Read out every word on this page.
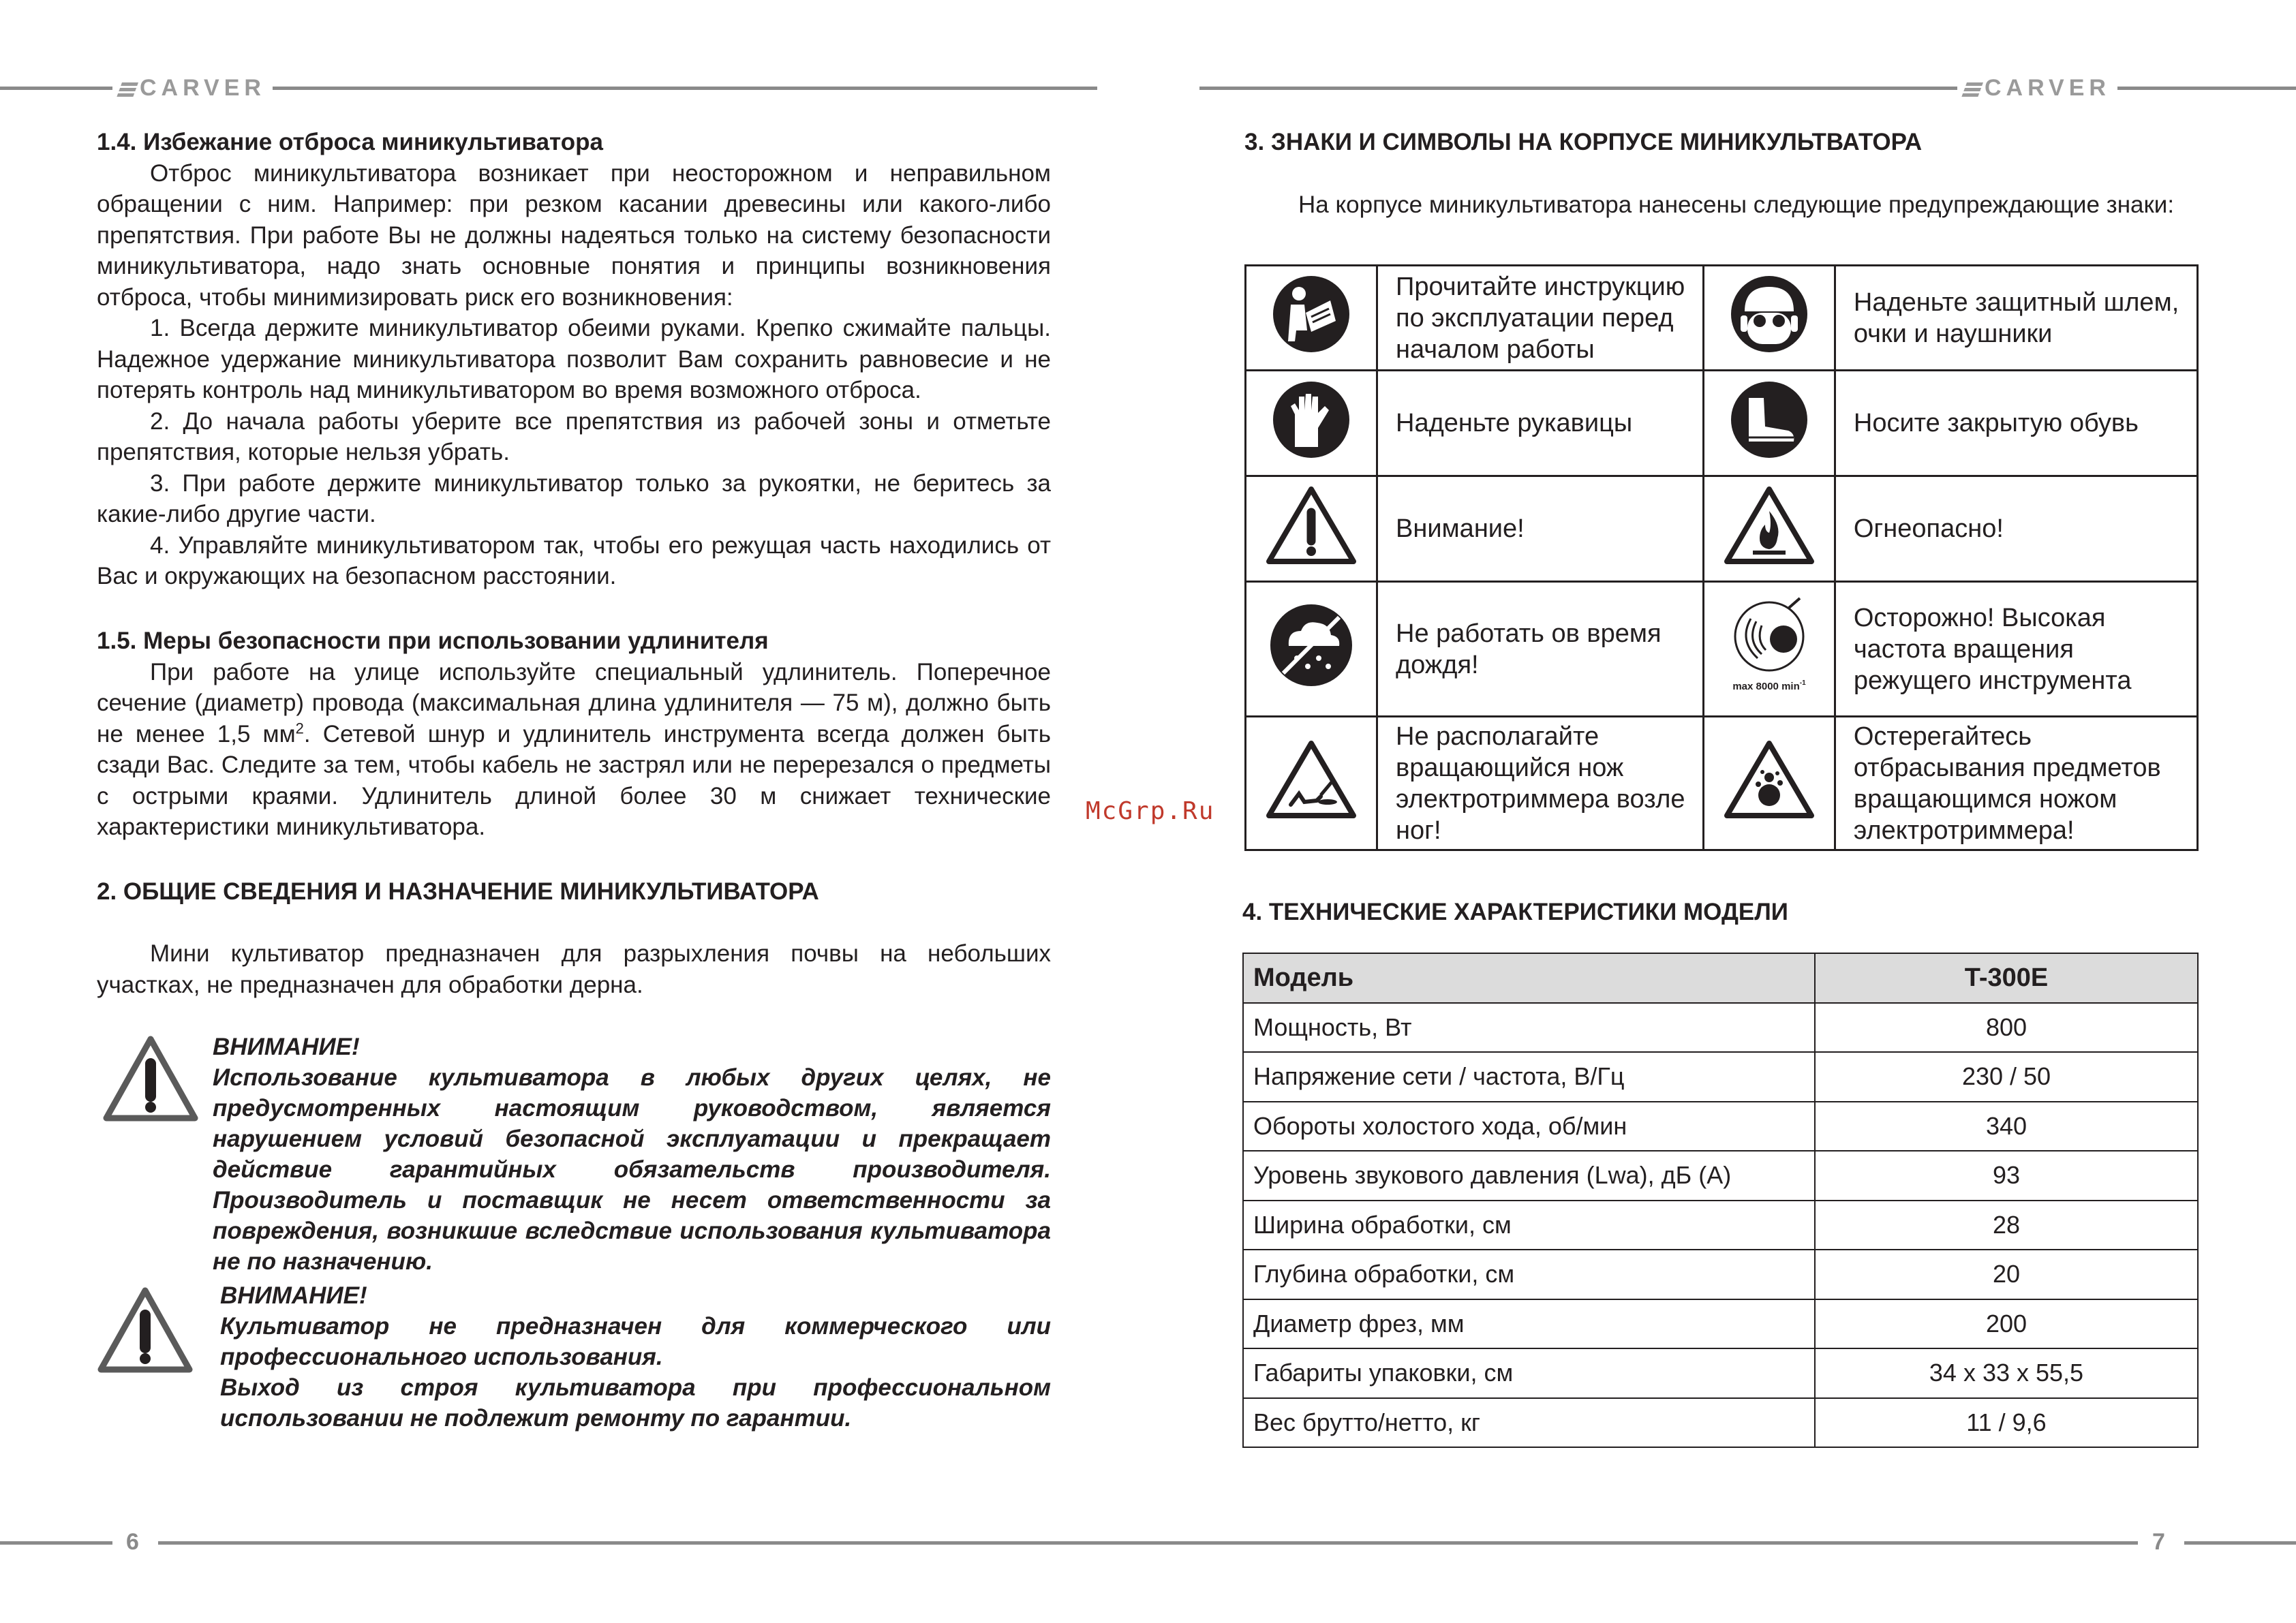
CARVER	CARVER
6	7
McGrp.Ru

1.4. Избежание отброса миникультиватора

Отброс миникультиватора возникает при неосторожном и неправильном обращении с ним. Например: при резком касании древесины или какого-либо препятствия. При работе Вы не должны надеяться только на систему безопасности миникультиватора, надо знать основные понятия и принципы возникновения отброса, чтобы минимизировать риск его возникновения:

1. Всегда держите миникультиватор обеими руками. Крепко сжимайте пальцы. Надежное удержание миникультиватора позволит Вам сохранить равновесие и не потерять контроль над миникультиватором во время возможного отброса.

2. До начала работы уберите все препятствия из рабочей зоны и отметьте препятствия, которые нельзя убрать.

3. При работе держите миникультиватор только за рукоятки, не беритесь за какие-либо другие части.

4. Управляйте миникультиватором так, чтобы его режущая часть находились от Вас и окружающих на безопасном расстоянии.

1.5. Меры безопасности при использовании удлинителя

При работе на улице используйте специальный удлинитель. Поперечное сечение (диаметр) провода (максимальная длина удлинителя — 75 м), должно быть не менее 1,5 $мм^2$. Сетевой шнур и удлинитель инструмента всегда должен быть сзади Вас. Следите за тем, чтобы кабель не застрял или не перерезался о предметы с острыми краями. Удлинитель длиной более 30 м снижает технические характеристики миникультиватора.

2. ОБЩИЕ СВЕДЕНИЯ И НАЗНАЧЕНИЕ МИНИКУЛЬТИВАТОРА

Мини культиватор предназначен для разрыхления почвы на небольших участках, не предназначен для обработки дерна.

ВНИМАНИЕ!

Использование культиватора в любых других целях, не предусмотренных настоящим руководством, является нарушением условий безопасной эксплуатации и прекращает действие гарантийных обязательств производителя. Производитель и поставщик не несет ответственности за повреждения, возникшие вследствие использования культиватора не по назначению.

ВНИМАНИЕ!

Культиватор не предназначен для коммерческого или профессионального использования.

Выход из строя культиватора при профессиональном использовании не подлежит ремонту по гарантии.

3. ЗНАКИ И СИМВОЛЫ НА КОРПУСЕ МИНИКУЛЬТВАТОРА
На корпусе миникультиватора нанесены следующие предупреждающие знаки:
	Прочитайте инструкцию по эксплуатации перед началом работы		Наденьте защитный шлем, очки и наушники
	Наденьте рукавицы		Носите закрытую обувь
	Внимание!		Огнеопасно!
	Не работать ов время дождя!	max 8000 $\min^{-1}$	Осторожно! Высокая частота вращения режущего инструмента
	Не располагайте вращающийся нож электротриммера возле ног!		Остерегайтесь отбрасывания предметов вращающимся ножом электротриммера!
4. ТЕХНИЧЕСКИЕ ХАРАКТЕРИСТИКИ МОДЕЛИ
Модель	T-300E
Мощность, Вт	800
Напряжение сети / частота, В/Гц	230 / 50
Обороты холостого хода, об/мин	340
Уровень звукового давления (Lwa), дБ (А)	93
Ширина обработки, см	28
Глубина обработки, см	20
Диаметр фрез, мм	200
Габариты упаковки, см	34 х 33 х 55,5
Вес брутто/нетто, кг	11 / 9,6
